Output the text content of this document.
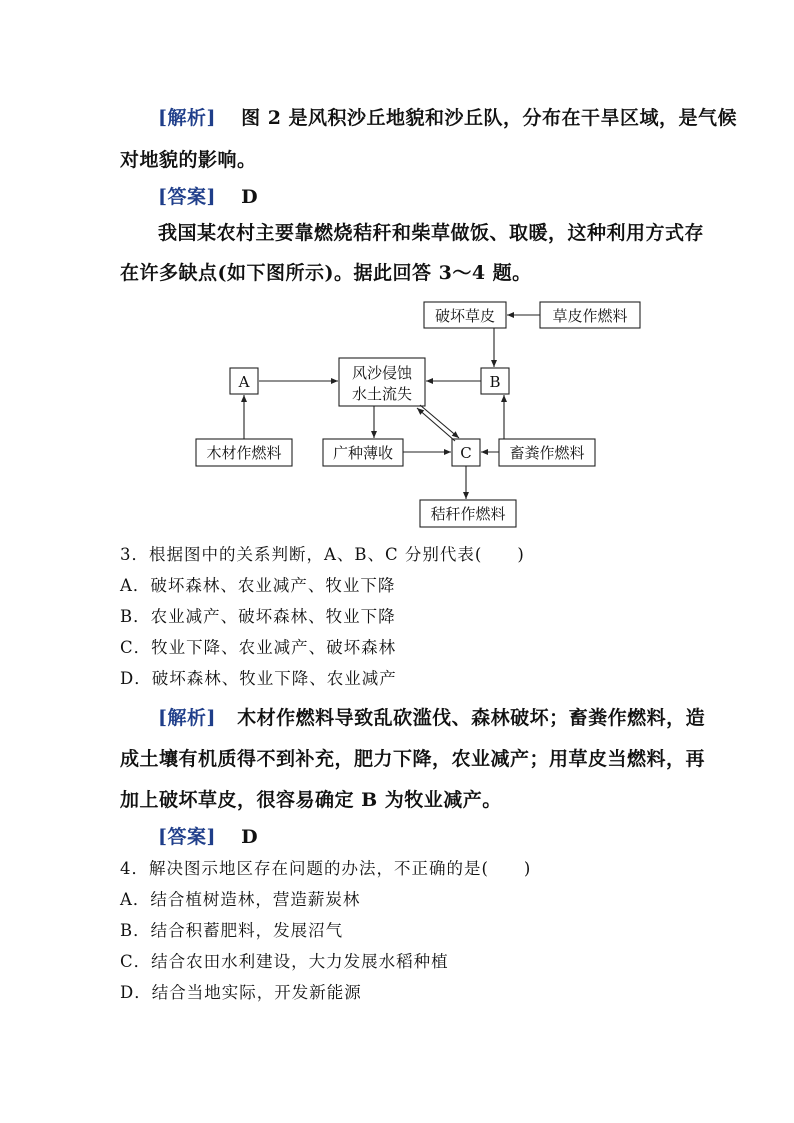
[解析] 图 2 是风积沙丘地貌和沙丘队，分布在干旱区域，是气候
对地貌的影响。
[答案] D
我国某农村主要靠燃烧秸秆和柴草做饭、取暖，这种利用方式存
在许多缺点(如下图所示)。据此回答 3～4 题。
破坏草皮	草皮作燃料
A	风沙侵蚀
水土流失
B
木材作燃料	广种薄收	C	畜粪作燃料
秸秆作燃料
3．根据图中的关系判断，A、B、C 分别代表(　　)
A．破坏森林、农业减产、牧业下降
B．农业减产、破坏森林、牧业下降
C．牧业下降、农业减产、破坏森林
D．破坏森林、牧业下降、农业减产
[解析] 木材作燃料导致乱砍滥伐、森林破坏；畜粪作燃料，造
成土壤有机质得不到补充，肥力下降，农业减产；用草皮当燃料，再
加上破坏草皮，很容易确定 B 为牧业减产。
[答案] D
4．解决图示地区存在问题的办法，不正确的是(　　)
A．结合植树造林，营造薪炭林
B．结合积蓄肥料，发展沼气
C．结合农田水利建设，大力发展水稻种植
D．结合当地实际，开发新能源
